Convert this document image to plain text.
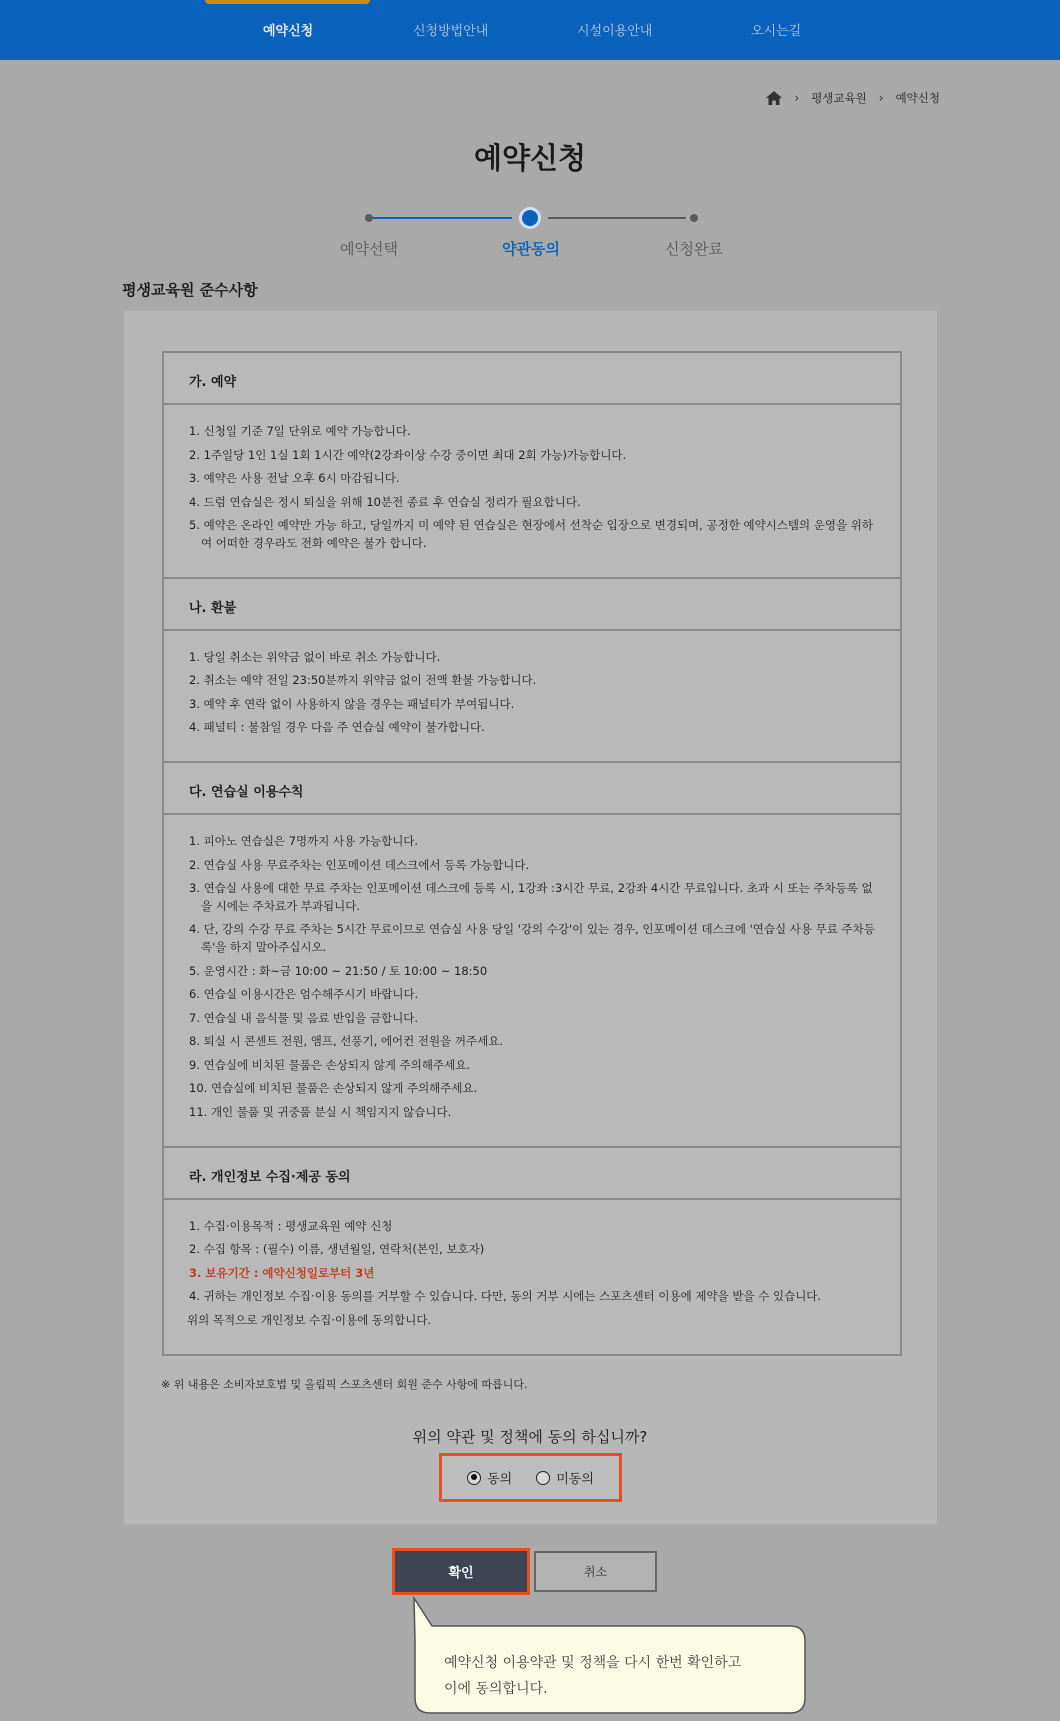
예약신청	신청방법안내	시설이용안내	오시는길
› 평생교육원 › 예약신청
예약신청
예약선택	약관동의	신청완료
평생교육원 준수사항
가. 예약
1. 신청일 기준 7일 단위로 예약 가능합니다.
2. 1주일당 1인 1실 1회 1시간 예약(2강좌이상 수강 중이면 최대 2회 가능)가능합니다.
3. 예약은 사용 전날 오후 6시 마감됩니다.
4. 드럼 연습실은 정시 퇴실을 위해 10분전 종료 후 연습실 정리가 필요합니다.
5. 예약은 온라인 예약만 가능 하고, 당일까지 미 예약 된 연습실은 현장에서 선착순 입장으로 변경되며, 공정한 예약시스템의 운영을 위하여 어떠한 경우라도 전화 예약은 불가 합니다.
나. 환불
1. 당일 취소는 위약금 없이 바로 취소 가능합니다.
2. 취소는 예약 전일 23:50분까지 위약금 없이 전액 환불 가능합니다.
3. 예약 후 연락 없이 사용하지 않을 경우는 패널티가 부여됩니다.
4. 패널티 : 불참일 경우 다음 주 연습실 예약이 불가합니다.
다. 연습실 이용수칙
1. 피아노 연습실은 7명까지 사용 가능합니다.
2. 연습실 사용 무료주차는 인포메이션 데스크에서 등록 가능합니다.
3. 연습실 사용에 대한 무료 주차는 인포메이션 데스크에 등록 시, 1강좌 :3시간 무료, 2강좌 4시간 무료입니다. 초과 시 또는 주차등록 없을 시에는 주차료가 부과됩니다.
4. 단, 강의 수강 무료 주차는 5시간 무료이므로 연습실 사용 당일 '강의 수강'이 있는 경우, 인포메이션 데스크에 '연습실 사용 무료 주차등록'을 하지 말아주십시오.
5. 운영시간 : 화~금 10:00 ~ 21:50 / 토 10:00 ~ 18:50
6. 연습실 이용시간은 엄수해주시기 바랍니다.
7. 연습실 내 음식물 및 음료 반입을 금합니다.
8. 퇴실 시 콘센트 전원, 앰프, 선풍기, 에어컨 전원을 꺼주세요.
9. 연습실에 비치된 물품은 손상되지 않게 주의해주세요.
10. 연습실에 비치된 물품은 손상되지 않게 주의해주세요.
11. 개인 물품 및 귀중품 분실 시 책임지지 않습니다.
라. 개인정보 수집·제공 동의
1. 수집·이용목적 : 평생교육원 예약 신청
2. 수집 항목 : (필수) 이름, 생년월일, 연락처(본인, 보호자)
3. 보유기간 : 예약신청일로부터 3년
4. 귀하는 개인정보 수집·이용 동의를 거부할 수 있습니다. 다만, 동의 거부 시에는 스포츠센터 이용에 제약을 받을 수 있습니다.
위의 목적으로 개인정보 수집·이용에 동의합니다.
※ 위 내용은 소비자보호법 및 올림픽 스포츠센터 회원 준수 사항에 따릅니다.
위의 약관 및 정책에 동의 하십니까?
동의	미동의
확인	취소
예약신청 이용약관 및 정책을 다시 한번 확인하고
이에 동의합니다.
